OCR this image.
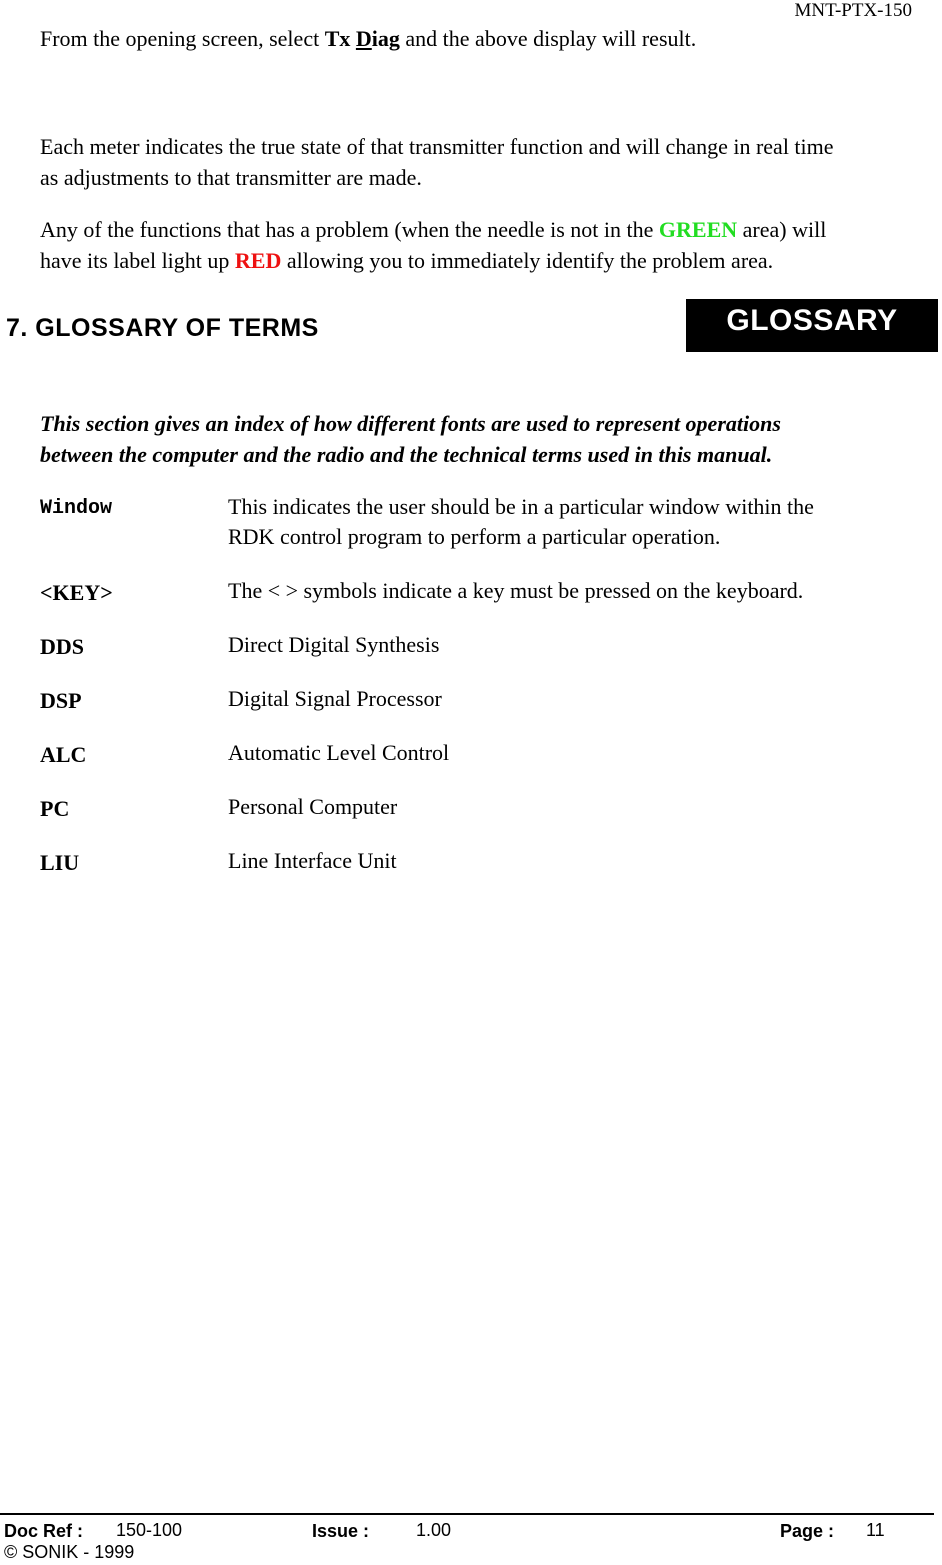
MNT-PTX-150
From the opening screen, select Tx Diag and the above display will result.
Each meter indicates the true state of that transmitter function and will change in real time
as adjustments to that transmitter are made.
Any of the functions that has a problem (when the needle is not in the GREEN area) will
have its label light up RED allowing you to immediately identify the problem area.
7. GLOSSARY OF TERMS	GLOSSARY
This section gives an index of how different fonts are used to represent operations
between the computer and the radio and the technical terms used in this manual.
Window	This indicates the user should be in a particular window within the
RDK control program to perform a particular operation.
<KEY>	The < > symbols indicate a key must be pressed on the keyboard.
DDS	Direct Digital Synthesis
DSP	Digital Signal Processor
ALC	Automatic Level Control
PC	Personal Computer
LIU	Line Interface Unit
Doc Ref : 150-100	Issue :	1.00	Page : 11
© SONIK - 1999
